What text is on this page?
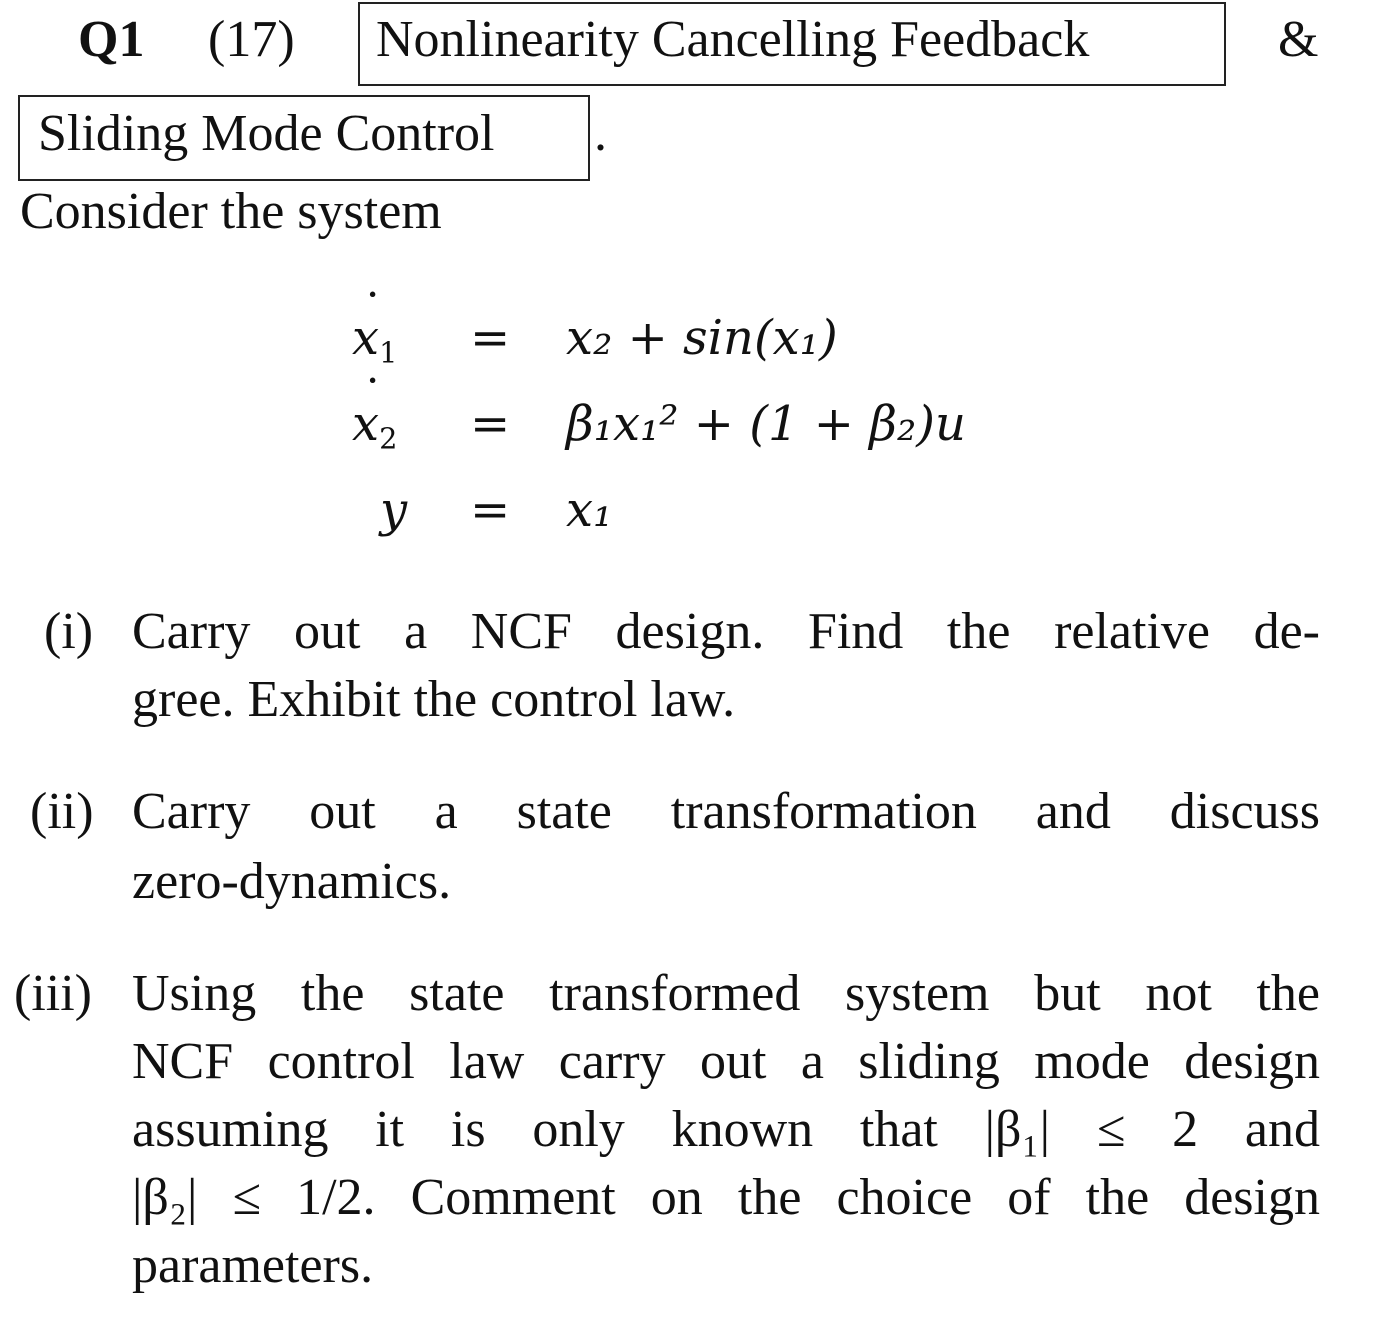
Q1 (17) Nonlinearity Cancelling Feedback	&
Sliding Mode Control .
Consider the system
˙ $x_1 = x_2 + \sin(x_1)$
˙ $x_2 = \beta_1x_1^2 + (1 + \beta_2)u$
y = x₁
(i) Carry out a NCF design. Find the relative de-
gree. Exhibit the control law.
(ii) Carry out a state transformation and discuss
zero-dynamics.
(iii) Using the state transformed system but not the
NCF control law carry out a sliding mode design
assuming it is only known that |β₁| ≤ 2 and
|β₂| ≤ 1/2. Comment on the choice of the design
parameters.
